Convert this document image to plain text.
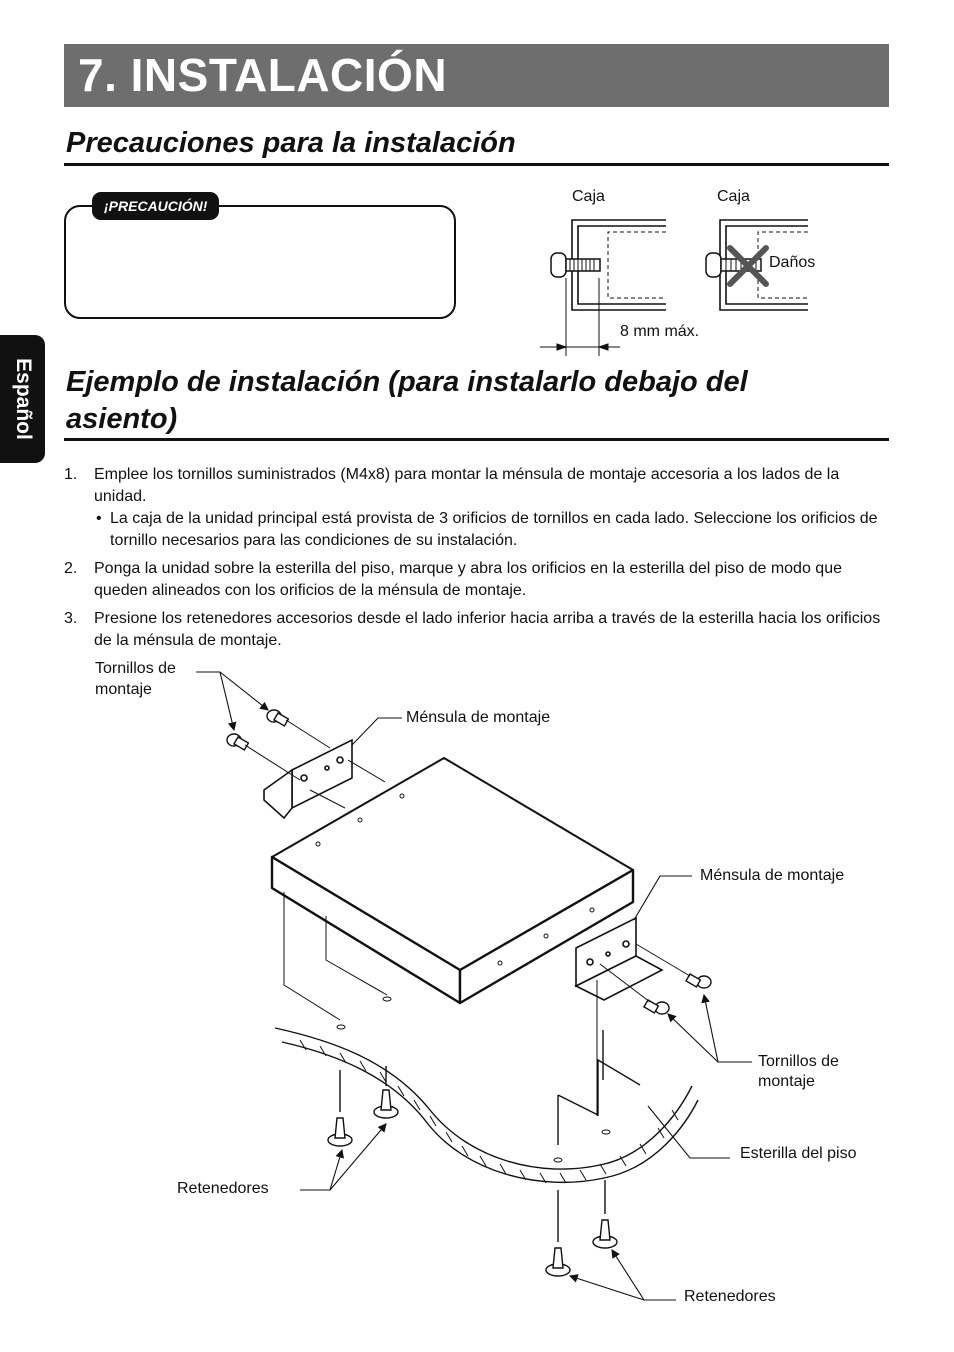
7. INSTALACIÓN
Español
Precauciones para la instalación
¡PRECAUCIÓN!
Caja	Caja
Daños
8 mm máx.
Ejemplo de instalación (para instalarlo debajo del
asiento)
1. Emplee los tornillos suministrados (M4x8) para montar la ménsula de montaje accesoria a los lados de la unidad.
• La caja de la unidad principal está provista de 3 orificios de tornillos en cada lado. Seleccione los orificios de tornillo necesarios para las condiciones de su instalación.
2. Ponga la unidad sobre la esterilla del piso, marque y abra los orificios en la esterilla del piso de modo que queden alineados con los orificios de la ménsula de montaje.
3. Presione los retenedores accesorios desde el lado inferior hacia arriba a través de la esterilla hacia los orificios de la ménsula de montaje.
Tornillos de
montaje
Ménsula de montaje
Ménsula de montaje
Tornillos de
montaje
Esterilla del piso
Retenedores
Retenedores
